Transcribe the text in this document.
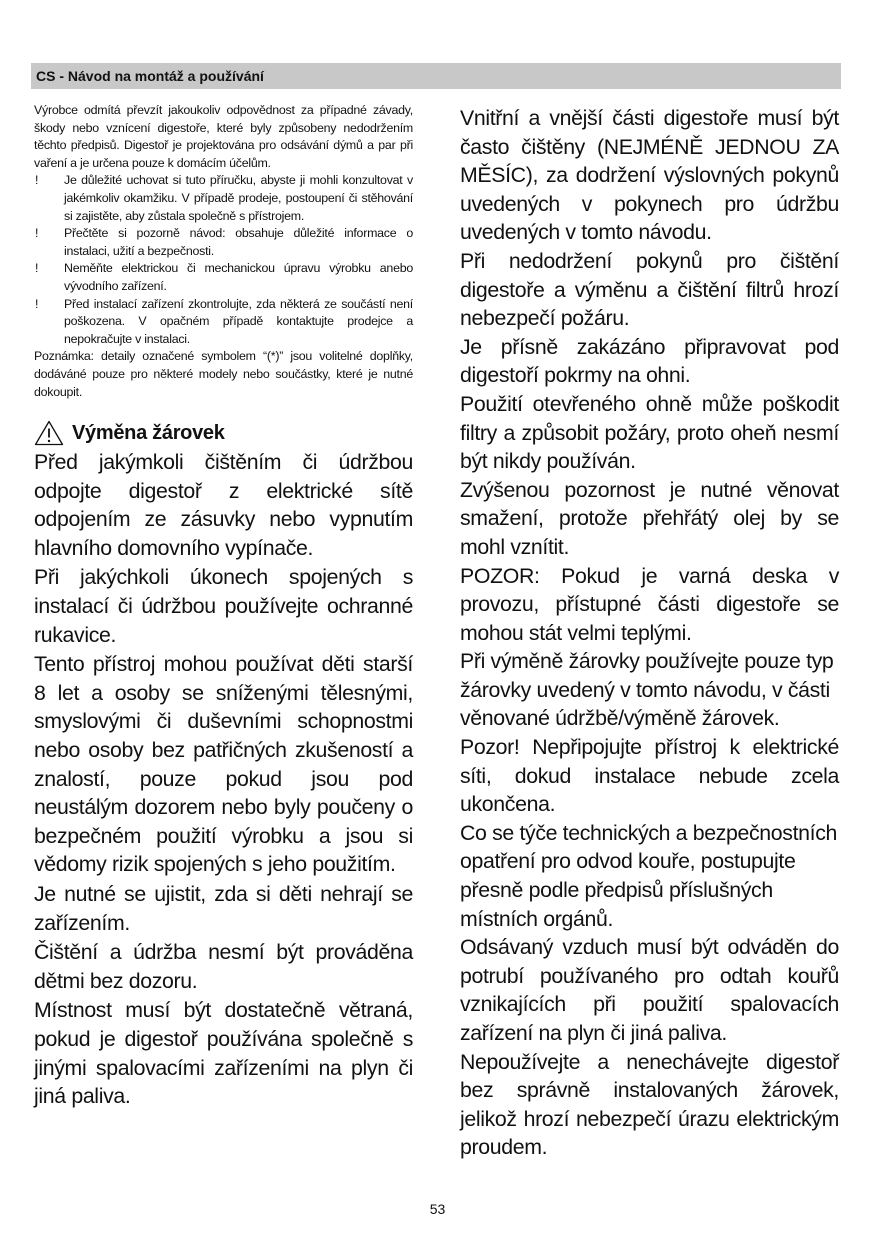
CS - Návod na montáž a používání

Výrobce odmítá převzít jakoukoliv odpovědnost za případné závady, škody nebo vznícení digestoře, které byly způsobeny nedodržením těchto předpisů. Digestoř je projektována pro odsávání dýmů a par při vaření a je určena pouze k domácím účelům.

!	Je důležité uchovat si tuto příručku, abyste ji mohli konzultovat v jakémkoliv okamžiku. V případě prodeje, postoupení či stěhování si zajistěte, aby zůstala společně s přístrojem.
!	Přečtěte si pozorně návod: obsahuje důležité informace o instalaci, užití a bezpečnosti.
!	Neměňte elektrickou či mechanickou úpravu výrobku anebo vývodního zařízení.
!	Před instalací zařízení zkontrolujte, zda některá ze součástí není poškozena. V opačném případě kontaktujte prodejce a nepokračujte v instalaci.

Poznámka: detaily označené symbolem “(*)” jsou volitelné doplňky, dodáváné pouze pro některé modely nebo součástky, které je nutné dokoupit.

Výměna žárovek

Před jakýmkoli čištěním či údržbou odpojte digestoř z elektrické sítě odpojením ze zásuvky nebo vypnutím hlavního domovního vypínače.

Při jakýchkoli úkonech spojených s instalací či údržbou používejte ochranné rukavice.

Tento přístroj mohou používat děti starší 8 let a osoby se sníženými tělesnými, smyslovými či duševními schopnostmi nebo osoby bez patřičných zkušeností a znalostí, pouze pokud jsou pod neustálým dozorem nebo byly poučeny o bezpečném použití výrobku a jsou si vědomy rizik spojených s jeho použitím.

Je nutné se ujistit, zda si děti nehrají se zařízením.

Čištění a údržba nesmí být prováděna dětmi bez dozoru.

Místnost musí být dostatečně větraná, pokud je digestoř používána společně s jinými spalovacími zařízeními na plyn či jiná paliva.

Vnitřní a vnější části digestoře musí být často čištěny (NEJMÉNĚ JEDNOU ZA MĚSÍC), za dodržení výslovných pokynů uvedených v pokynech pro údržbu uvedených v tomto návodu.

Při nedodržení pokynů pro čištění digestoře a výměnu a čištění filtrů hrozí nebezpečí požáru.

Je přísně zakázáno připravovat pod digestoří pokrmy na ohni.

Použití otevřeného ohně může poškodit filtry a způsobit požáry, proto oheň nesmí být nikdy používán.

Zvýšenou pozornost je nutné věnovat smažení, protože přehřátý olej by se mohl vznítit.

POZOR: Pokud je varná deska v provozu, přístupné části digestoře se mohou stát velmi teplými.

Při výměně žárovky používejte pouze typ žárovky uvedený v tomto návodu, v části věnované údržbě/výměně žárovek.

Pozor! Nepřipojujte přístroj k elektrické síti, dokud instalace nebude zcela ukončena.

Co se týče technických a bezpečnostních opatření pro odvod kouře, postupujte přesně podle předpisů příslušných místních orgánů.

Odsávaný vzduch musí být odváděn do potrubí používaného pro odtah kouřů vznikajících při použití spalovacích zařízení na plyn či jiná paliva.

Nepoužívejte a nenechávejte digestoř bez správně instalovaných žárovek, jelikož hrozí nebezpečí úrazu elektrickým proudem.

53
